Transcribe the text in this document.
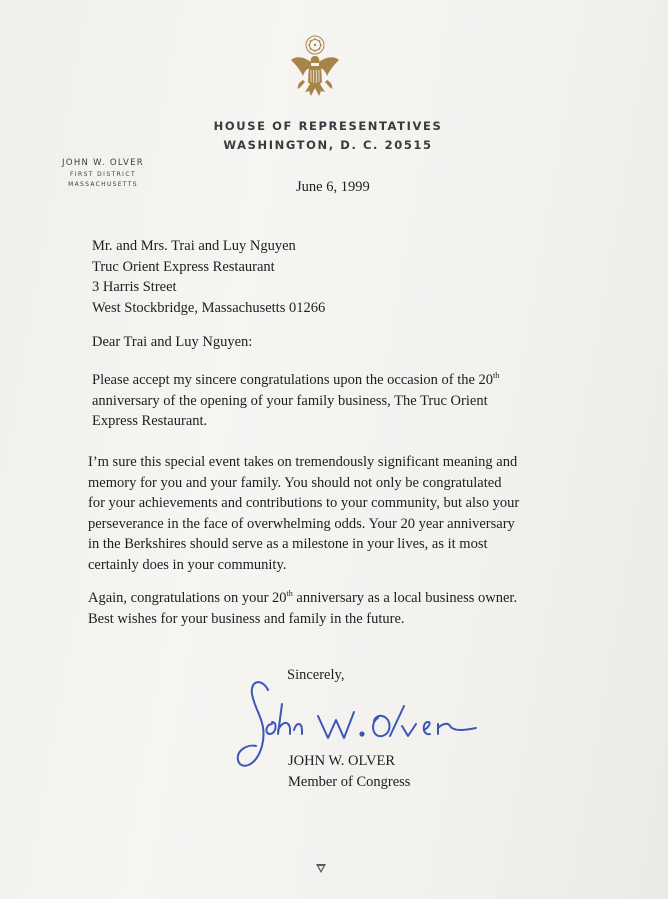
HOUSE OF REPRESENTATIVES
WASHINGTON, D. C. 20515
JOHN W. OLVER
FIRST DISTRICT
MASSACHUSETTS	June 6, 1999
Mr. and Mrs. Trai and Luy Nguyen
Truc Orient Express Restaurant
3 Harris Street
West Stockbridge, Massachusetts 01266
Dear Trai and Luy Nguyen:
Please accept my sincere congratulations upon the occasion of the 20th
anniversary of the opening of your family business, The Truc Orient
Express Restaurant.
I’m sure this special event takes on tremendously significant meaning and
memory for you and your family. You should not only be congratulated
for your achievements and contributions to your community, but also your
perseverance in the face of overwhelming odds. Your 20 year anniversary
in the Berkshires should serve as a milestone in your lives, as it most
certainly does in your community.
Again, congratulations on your 20th anniversary as a local business owner.
Best wishes for your business and family in the future.
Sincerely,
John W. Olver
JOHN W. OLVER
Member of Congress
